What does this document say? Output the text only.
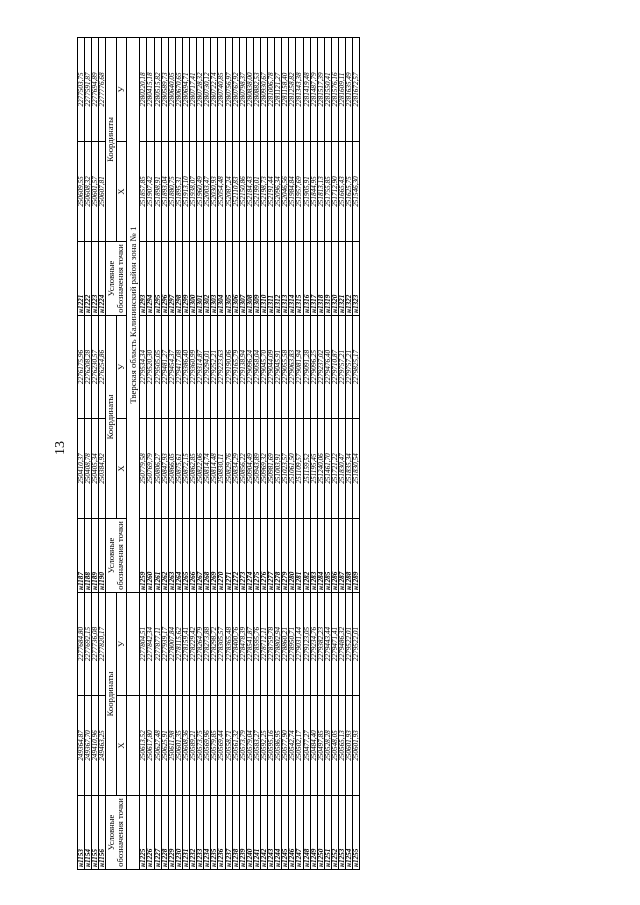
13
н1153	249364,87	2277684,80	н1187	250410,37	2276175,96	н1221	250609,55	2277503,75
н1154	249367,70	2277692,15	н1188	250408,78	2276208,28	н1222	250608,32	2277591,87
н1155	249410,96	2277736,08	н1189	250405,34	2276230,57	н1223	250601,57	2277694,89
н1156	249463,25	2277820,17	н1190	250384,92	2276254,86	н1224	250607,81	2277776,68
Условные обозначения точки	Координаты		Условные обозначения точки	Координаты		Условные обозначения точки	Координаты	
	X	У		X	У		X	У
			Тверская область Калининский район зона № 1					
н1225	250613,52	2277804,51	н1259	250779,58	2279534,34	н1293	251857,85	2280220,18
н1226	250617,80	2277842,34	н1260	250769,79	2279520,30	н1294	251907,42	2280415,18
н1227	250627,48	2277877,11	н1261	250806,27	2279505,05	н1295	251898,91	2280515,82
н1228	250625,91	2277939,17	н1262	250847,93	2279481,27	н1296	251893,04	2280589,73
н1229	250611,98	2278007,84	н1263	250866,05	2279454,37	н1297	251880,75	2280640,05
н1230	250601,35	2278115,62	н1264	250875,61	2279417,08	н1298	251895,31	2280670,65
н1231	250608,36	2278159,41	н1265	250872,15	2279386,40	н1299	251913,10	2280694,71
н1232	250589,21	2278229,42	н1266	250862,85	2279360,99	н1300	251938,07	2280717,41
н1233	250573,75	2278264,79	н1267	250822,06	2279314,87	н1301	251960,49	2280728,32
н1234	250569,96	2278273,88	н1268	250814,74	2279294,01	н1302	252003,47	2280730,12
н1235	250579,85	2278298,72	н1269	250814,48	2279252,21	н1303	252030,93	2280722,74
н1236	250569,44	2278305,57	н1270	250830,11	2279223,63	н1304	252054,48	2280740,85
н1237	250558,71	2278365,48	н1271	250829,76	2279190,06	н1305	252087,24	2280756,97
н1238	250561,32	2278400,76	н1272	250834,29	2279165,79	н1306	252110,83	2280767,92
н1239	250573,79	2278478,39	н1273	250856,22	2279138,94	н1307	252150,86	2280798,37
н1240	250579,04	2278541,87	н1274	250904,49	2279096,24	н1308	252184,43	2280838,00
н1241	250583,27	2278595,76	н1275	250943,89	2279058,04	н1309	252199,01	2280882,53
н1242	250592,25	2278712,11	н1276	250969,32	2279045,70	н1310	252198,73	2280930,67
н1243	250595,16	2278759,78	н1277	250981,69	2279044,09	н1311	252191,44	2281006,78
н1244	250586,95	2278802,94	н1278	251003,91	2279045,91	н1312	252096,34	2281121,27
н1245	250577,90	2278860,21	н1279	251023,57	2279055,58	н1313	252046,56	2281158,40
н1246	250542,74	2278950,71	н1280	251061,50	2279063,83	н1314	251984,84	2281258,82
н1247	250502,17	2279031,44	н1281	251109,57	2279081,94	н1315	251957,69	2281343,38
н1248	250477,27	2279123,05	н1282	251159,52	2279091,28	н1316	251905,91	2281419,48
н1249	250484,40	2279234,76	н1283	251195,45	2279096,25	н1317	251844,95	2281487,79
н1250	250497,85	2279382,23	н1284	251240,06	2279237,02	н1318	251813,13	2281517,39
н1251	250528,28	2279443,44	н1285	251461,70	2279476,40	н1319	251755,85	2281550,41
н1252	250548,05	2279471,41	н1286	251721,22	2279710,87	н1320	251712,90	2281576,16
н1253	250565,13	2279486,32	н1287	251830,47	2279757,21	н1321	251665,43	2281609,11
н1254	250601,93	2279522,01	н1288	251835,34	2279757,21	н1322	251625,75	2281635,49
н1255	250601,93	2279522,01	н1289	251830,54	2279825,17	н1323	251546,30	2281672,57
